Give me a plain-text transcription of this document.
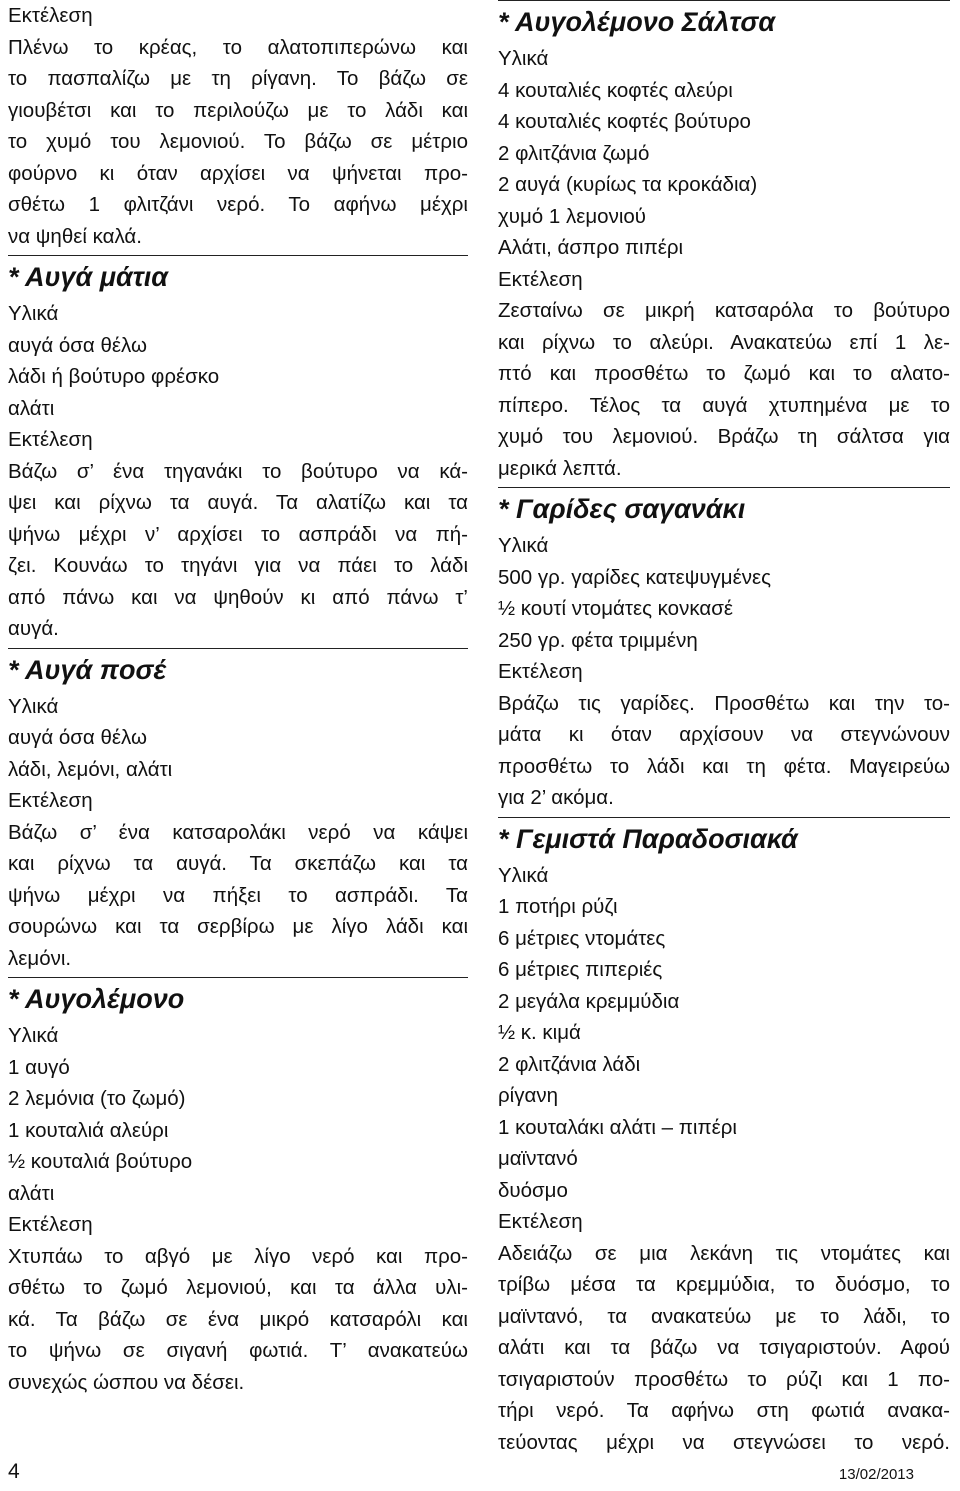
Εκτέλεση

Πλένω το κρέας, το αλατοπιπερώνω και

το πασπαλίζω με τη ρίγανη. Το βάζω σε

γιουβέτσι και το περιλούζω με το λάδι και

το χυμό του λεμονιού. Το βάζω σε μέτριο

φούρνο κι όταν αρχίσει να ψήνεται προ-

σθέτω 1 φλιτζάνι νερό. Το αφήνω μέχρι

να ψηθεί καλά.

* Αυγά μάτια
Υλικά

αυγά όσα θέλω

λάδι ή βούτυρο φρέσκο

αλάτι

Εκτέλεση

Βάζω σ’ ένα τηγανάκι το βούτυρο να κά-

ψει και ρίχνω τα αυγά. Τα αλατίζω και τα

ψήνω μέχρι ν’ αρχίσει το ασπράδι να πή-

ζει. Κουνάω το τηγάνι για να πάει το λάδι

από πάνω και να ψηθούν κι από πάνω τ’

αυγά.

* Αυγά ποσέ
Υλικά

αυγά όσα θέλω

λάδι, λεμόνι, αλάτι

Εκτέλεση

Βάζω σ’ ένα κατσαρολάκι νερό να κάψει

και ρίχνω τα αυγά. Τα σκεπάζω και τα

ψήνω μέχρι να πήξει το ασπράδι. Τα

σουρώνω και τα σερβίρω με λίγο λάδι και

λεμόνι.

* Αυγολέμονο
Υλικά

1 αυγό

2 λεμόνια (το ζωμό)

1 κουταλιά αλεύρι

½ κουταλιά βούτυρο

αλάτι

Εκτέλεση

Χτυπάω το αβγό με λίγο νερό και προ-

σθέτω το ζωμό λεμονιού, και τα άλλα υλι-

κά. Τα βάζω σε ένα μικρό κατσαρόλι και

το ψήνω σε σιγανή φωτιά. Τ’ ανακατεύω

συνεχώς ώσπου να δέσει.

* Αυγολέμονο Σάλτσα
Υλικά

4 κουταλιές κοφτές αλεύρι

4 κουταλιές κοφτές βούτυρο

2 φλιτζάνια ζωμό

2 αυγά (κυρίως τα κροκάδια)

χυμό 1 λεμονιού

Αλάτι, άσπρο πιπέρι

Εκτέλεση

Ζεσταίνω σε μικρή κατσαρόλα το βούτυρο

και ρίχνω το αλεύρι. Ανακατεύω επί 1 λε-

πτό και προσθέτω το ζωμό και το αλατο-

πίπερο. Τέλος τα αυγά χτυπημένα με το

χυμό του λεμονιού. Βράζω τη σάλτσα για

μερικά λεπτά.

* Γαρίδες σαγανάκι
Υλικά

500 γρ. γαρίδες κατεψυγμένες

½ κουτί ντομάτες κονκασέ

250 γρ. φέτα τριμμένη

Εκτέλεση

Βράζω τις γαρίδες. Προσθέτω και την το-

μάτα κι όταν αρχίσουν να στεγνώνουν

προσθέτω το λάδι και τη φέτα. Μαγειρεύω

για 2’ ακόμα.

* Γεμιστά Παραδοσιακά
Υλικά

1 ποτήρι ρύζι

6 μέτριες ντομάτες

6 μέτριες πιπεριές

2 μεγάλα κρεμμύδια

½ κ. κιμά

2 φλιτζάνια λάδι

ρίγανη

1 κουταλάκι αλάτι – πιπέρι

μαϊντανό

δυόσμο

Εκτέλεση

Αδειάζω σε μια λεκάνη τις ντομάτες και

τρίβω μέσα τα κρεμμύδια, το δυόσμο, το

μαϊντανό, τα ανακατεύω με το λάδι, το

αλάτι και τα βάζω να τσιγαριστούν. Αφού

τσιγαριστούν προσθέτω το ρύζι και 1 πο-

τήρι νερό. Τα αφήνω στη φωτιά ανακα-

τεύοντας μέχρι να στεγνώσει το νερό.

4	13/02/2013
